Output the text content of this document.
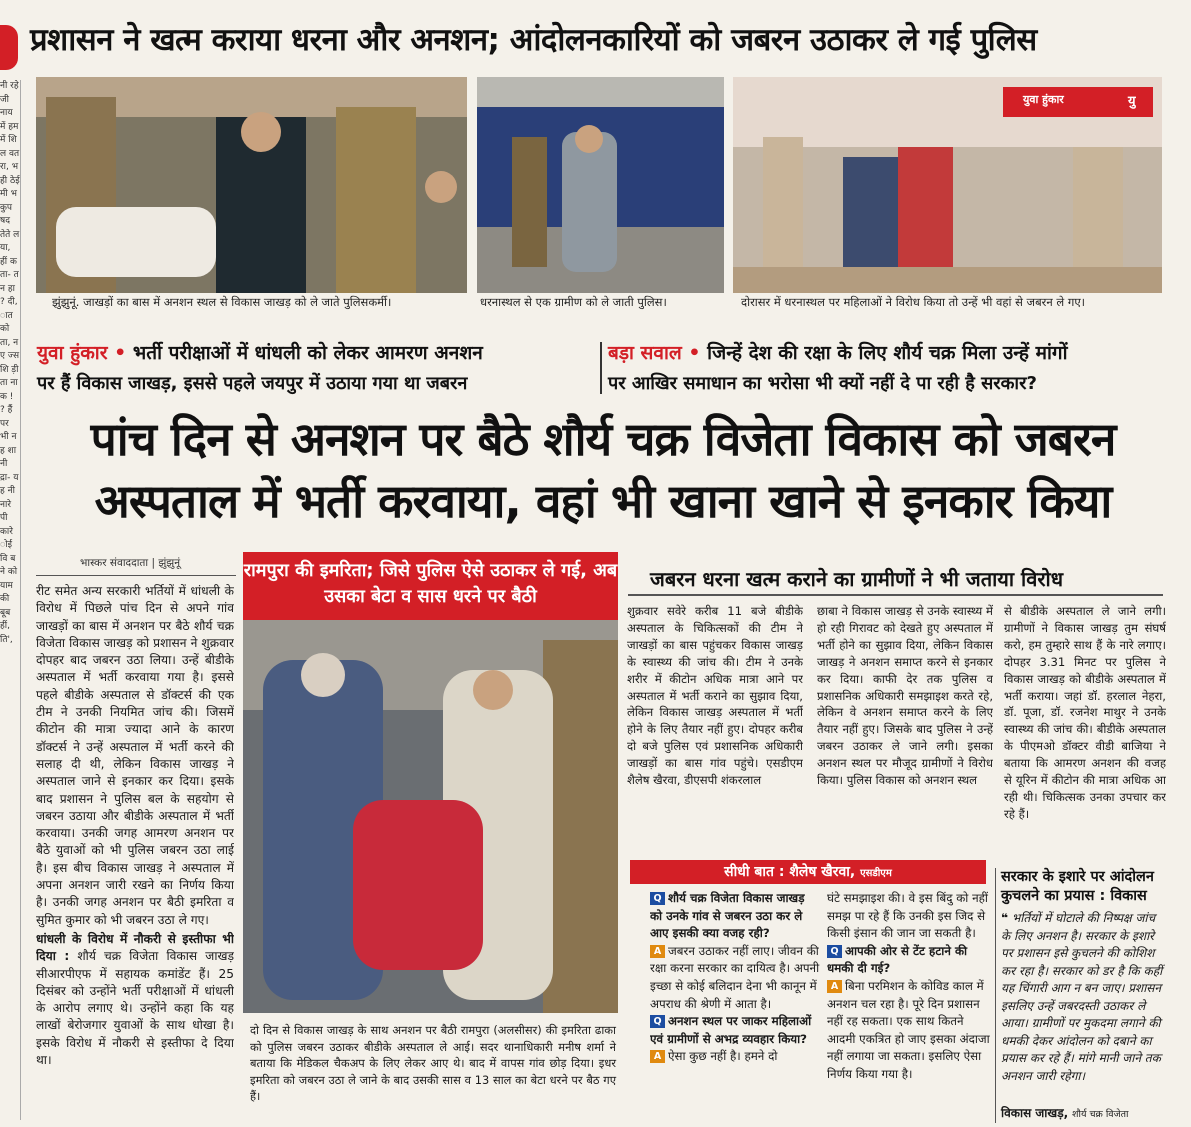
नी रहे जी नाय में हम में शि ल वत रा, भ ही ठेई मी भ कुप षद तेते ल या, हीं क ता- तन हा ? दी, ात को ता, नए ज्स शि ड़ी ता ना क ! ? हैं पर भी नह शा नी द्रा- यह नी नारे पी कारे ोई वि बने को याम की बूब हीं, ति',
प्रशासन ने खत्म कराया धरना और अनशन; आंदोलनकारियों को जबरन उठाकर ले गई पुलिस
झुंझुनूं. जाखड़ों का बास में अनशन स्थल से विकास जाखड़ को ले जाते पुलिसकर्मी।	धरनास्थल से एक ग्रामीण को ले जाती पुलिस।
युवा हुंकार	यु
दोरासर में धरनास्थल पर महिलाओं ने विरोध किया तो उन्हें भी वहां से जबरन ले गए।
युवा हुंकार • भर्ती परीक्षाओं में धांधली को लेकर आमरण अनशन
पर हैं विकास जाखड़, इससे पहले जयपुर में उठाया गया था जबरन
बड़ा सवाल • जिन्हें देश की रक्षा के लिए शौर्य चक्र मिला उन्हें मांगों
पर आखिर समाधान का भरोसा भी क्यों नहीं दे पा रही है सरकार?
पांच दिन से अनशन पर बैठे शौर्य चक्र विजेता विकास को जबरन
अस्पताल में भर्ती करवाया, वहां भी खाना खाने से इनकार किया
भास्कर संवाददाता | झुंझुनूं

रीट समेत अन्य सरकारी भर्तियों में धांधली के विरोध में पिछले पांच दिन से अपने गांव जाखड़ों का बास में अनशन पर बैठे शौर्य चक्र विजेता विकास जाखड़ को प्रशासन ने शुक्रवार दोपहर बाद जबरन उठा लिया। उन्हें बीडीके अस्पताल में भर्ती करवाया गया है। इससे पहले बीडीके अस्पताल से डॉक्टर्स की एक टीम ने उनकी नियमित जांच की। जिसमें कीटोन की मात्रा ज्यादा आने के कारण डॉक्टर्स ने उन्हें अस्पताल में भर्ती करने की सलाह दी थी, लेकिन विकास जाखड़ ने अस्पताल जाने से इनकार कर दिया। इसके बाद प्रशासन ने पुलिस बल के सहयोग से जबरन उठाया और बीडीके अस्पताल में भर्ती करवाया। उनकी जगह आमरण अनशन पर बैठे युवाओं को भी पुलिस जबरन उठा लाई है। इस बीच विकास जाखड़ ने अस्पताल में अपना अनशन जारी रखने का निर्णय किया है। उनकी जगह अनशन पर बैठी इमरिता व सुमित कुमार को भी जबरन उठा ले गए।

धांधली के विरोध में नौकरी से इस्तीफा भी दिया : शौर्य चक्र विजेता विकास जाखड़ सीआरपीएफ में सहायक कमांडेंट हैं। 25 दिसंबर को उन्होंने भर्ती परीक्षाओं में धांधली के आरोप लगाए थे। उन्होंने कहा कि यह लाखों बेरोजगार युवाओं के साथ धोखा है। इसके विरोध में नौकरी से इस्तीफा दे दिया था।

रामपुरा की इमरिता; जिसे पुलिस ऐसे उठाकर ले गई, अब उसका बेटा व सास धरने पर बैठी
दो दिन से विकास जाखड़ के साथ अनशन पर बैठी रामपुरा (अलसीसर) की इमरिता ढाका को पुलिस जबरन उठाकर बीडीके अस्पताल ले आई। सदर थानाधिकारी मनीष शर्मा ने बताया कि मेडिकल चैकअप के लिए लेकर आए थे। बाद में वापस गांव छोड़ दिया। इधर इमरिता को जबरन उठा ले जाने के बाद उसकी सास व 13 साल का बेटा धरने पर बैठ गए हैं।
जबरन धरना खत्म कराने का ग्रामीणों ने भी जताया विरोध
शुक्रवार सवेरे करीब 11 बजे बीडीके अस्पताल के चिकित्सकों की टीम ने जाखड़ों का बास पहुंचकर विकास जाखड़ के स्वास्थ्य की जांच की। टीम ने उनके शरीर में कीटोन अधिक मात्रा आने पर अस्पताल में भर्ती कराने का सुझाव दिया, लेकिन विकास जाखड़ अस्पताल में भर्ती होने के लिए तैयार नहीं हुए। दोपहर करीब दो बजे पुलिस एवं प्रशासनिक अधिकारी जाखड़ों का बास गांव पहुंचे। एसडीएम शैलेष खैरवा, डीएसपी शंकरलाल
छाबा ने विकास जाखड़ से उनके स्वास्थ्य में हो रही गिरावट को देखते हुए अस्पताल में भर्ती होने का सुझाव दिया, लेकिन विकास जाखड़ ने अनशन समाप्त करने से इनकार कर दिया। काफी देर तक पुलिस व प्रशासनिक अधिकारी समझाइश करते रहे, लेकिन वे अनशन समाप्त करने के लिए तैयार नहीं हुए। जिसके बाद पुलिस ने उन्हें जबरन उठाकर ले जाने लगी। इसका अनशन स्थल पर मौजूद ग्रामीणों ने विरोध किया। पुलिस विकास को अनशन स्थल
से बीडीके अस्पताल ले जाने लगी। ग्रामीणों ने विकास जाखड़ तुम संघर्ष करो, हम तुम्हारे साथ हैं के नारे लगाए। दोपहर 3.31 मिनट पर पुलिस ने विकास जाखड़ को बीडीके अस्पताल में भर्ती कराया। जहां डॉ. हरलाल नेहरा, डॉ. पूजा, डॉ. रजनेश माथुर ने उनके स्वास्थ्य की जांच की। बीडीके अस्पताल के पीएमओ डॉक्टर वीडी बाजिया ने बताया कि आमरण अनशन की वजह से यूरिन में कीटोन की मात्रा अधिक आ रही थी। चिकित्सक उनका उपचार कर रहे हैं।
सीधी बात : शैलेष खैरवा, एसडीएम

Q शौर्य चक्र विजेता विकास जाखड़ को उनके गांव से जबरन उठा कर ले आए इसकी क्या वजह रही?

A जबरन उठाकर नहीं लाए। जीवन की रक्षा करना सरकार का दायित्व है। अपनी इच्छा से कोई बलिदान देना भी कानून में अपराध की श्रेणी में आता है।

Q अनशन स्थल पर जाकर महिलाओं एवं ग्रामीणों से अभद्र व्यवहार किया?

A ऐसा कुछ नहीं है। हमने दो

घंटे समझाइश की। वे इस बिंदु को नहीं समझ पा रहे हैं कि उनकी इस जिद से किसी इंसान की जान जा सकती है।

Q आपकी ओर से टेंट हटाने की धमकी दी गई?

A बिना परमिशन के कोविड काल में अनशन चल रहा है। पूरे दिन प्रशासन नहीं रह सकता। एक साथ कितने आदमी एकत्रित हो जाए इसका अंदाजा नहीं लगाया जा सकता। इसलिए ऐसा निर्णय किया गया है।

सरकार के इशारे पर आंदोलन कुचलने का प्रयास : विकास
❝ भर्तियों में घोटाले की निष्पक्ष जांच के लिए अनशन है। सरकार के इशारे पर प्रशासन इसे कुचलने की कोशिश कर रहा है। सरकार को डर है कि कहीं यह चिंगारी आग न बन जाए। प्रशासन इसलिए उन्हें जबरदस्ती उठाकर ले आया। ग्रामीणों पर मुकदमा लगाने की धमकी देकर आंदोलन को दबाने का प्रयास कर रहे हैं। मांगे मानी जाने तक अनशन जारी रहेगा।
विकास जाखड़, शौर्य चक्र विजेता
